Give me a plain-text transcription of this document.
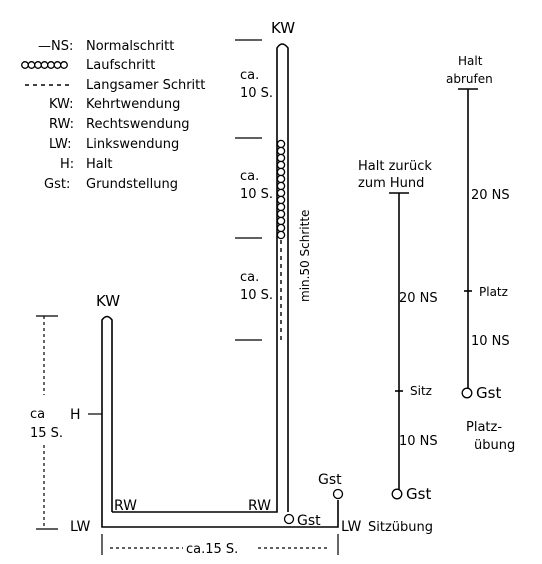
—NS: Normalschritt
Laufschritt
Langsamer Schritt
KW: Kehrtwendung
RW: Rechtswendung
LW: Linkswendung
H: Halt
Gst: Grundstellung
KW
ca.
10 S.
ca.
10 S.
ca.
10 S. min.50 Schritte
KW
ca
15 S.
H
RW	RW
Gst
Gst
LW	LW
ca.15 S.
Halt zurück
zum Hund
20 NS
Sitz
10 NS
Gst
Sitzübung
Halt
abrufen
20 NS
Platz
10 NS
Gst
Platz-
übung
